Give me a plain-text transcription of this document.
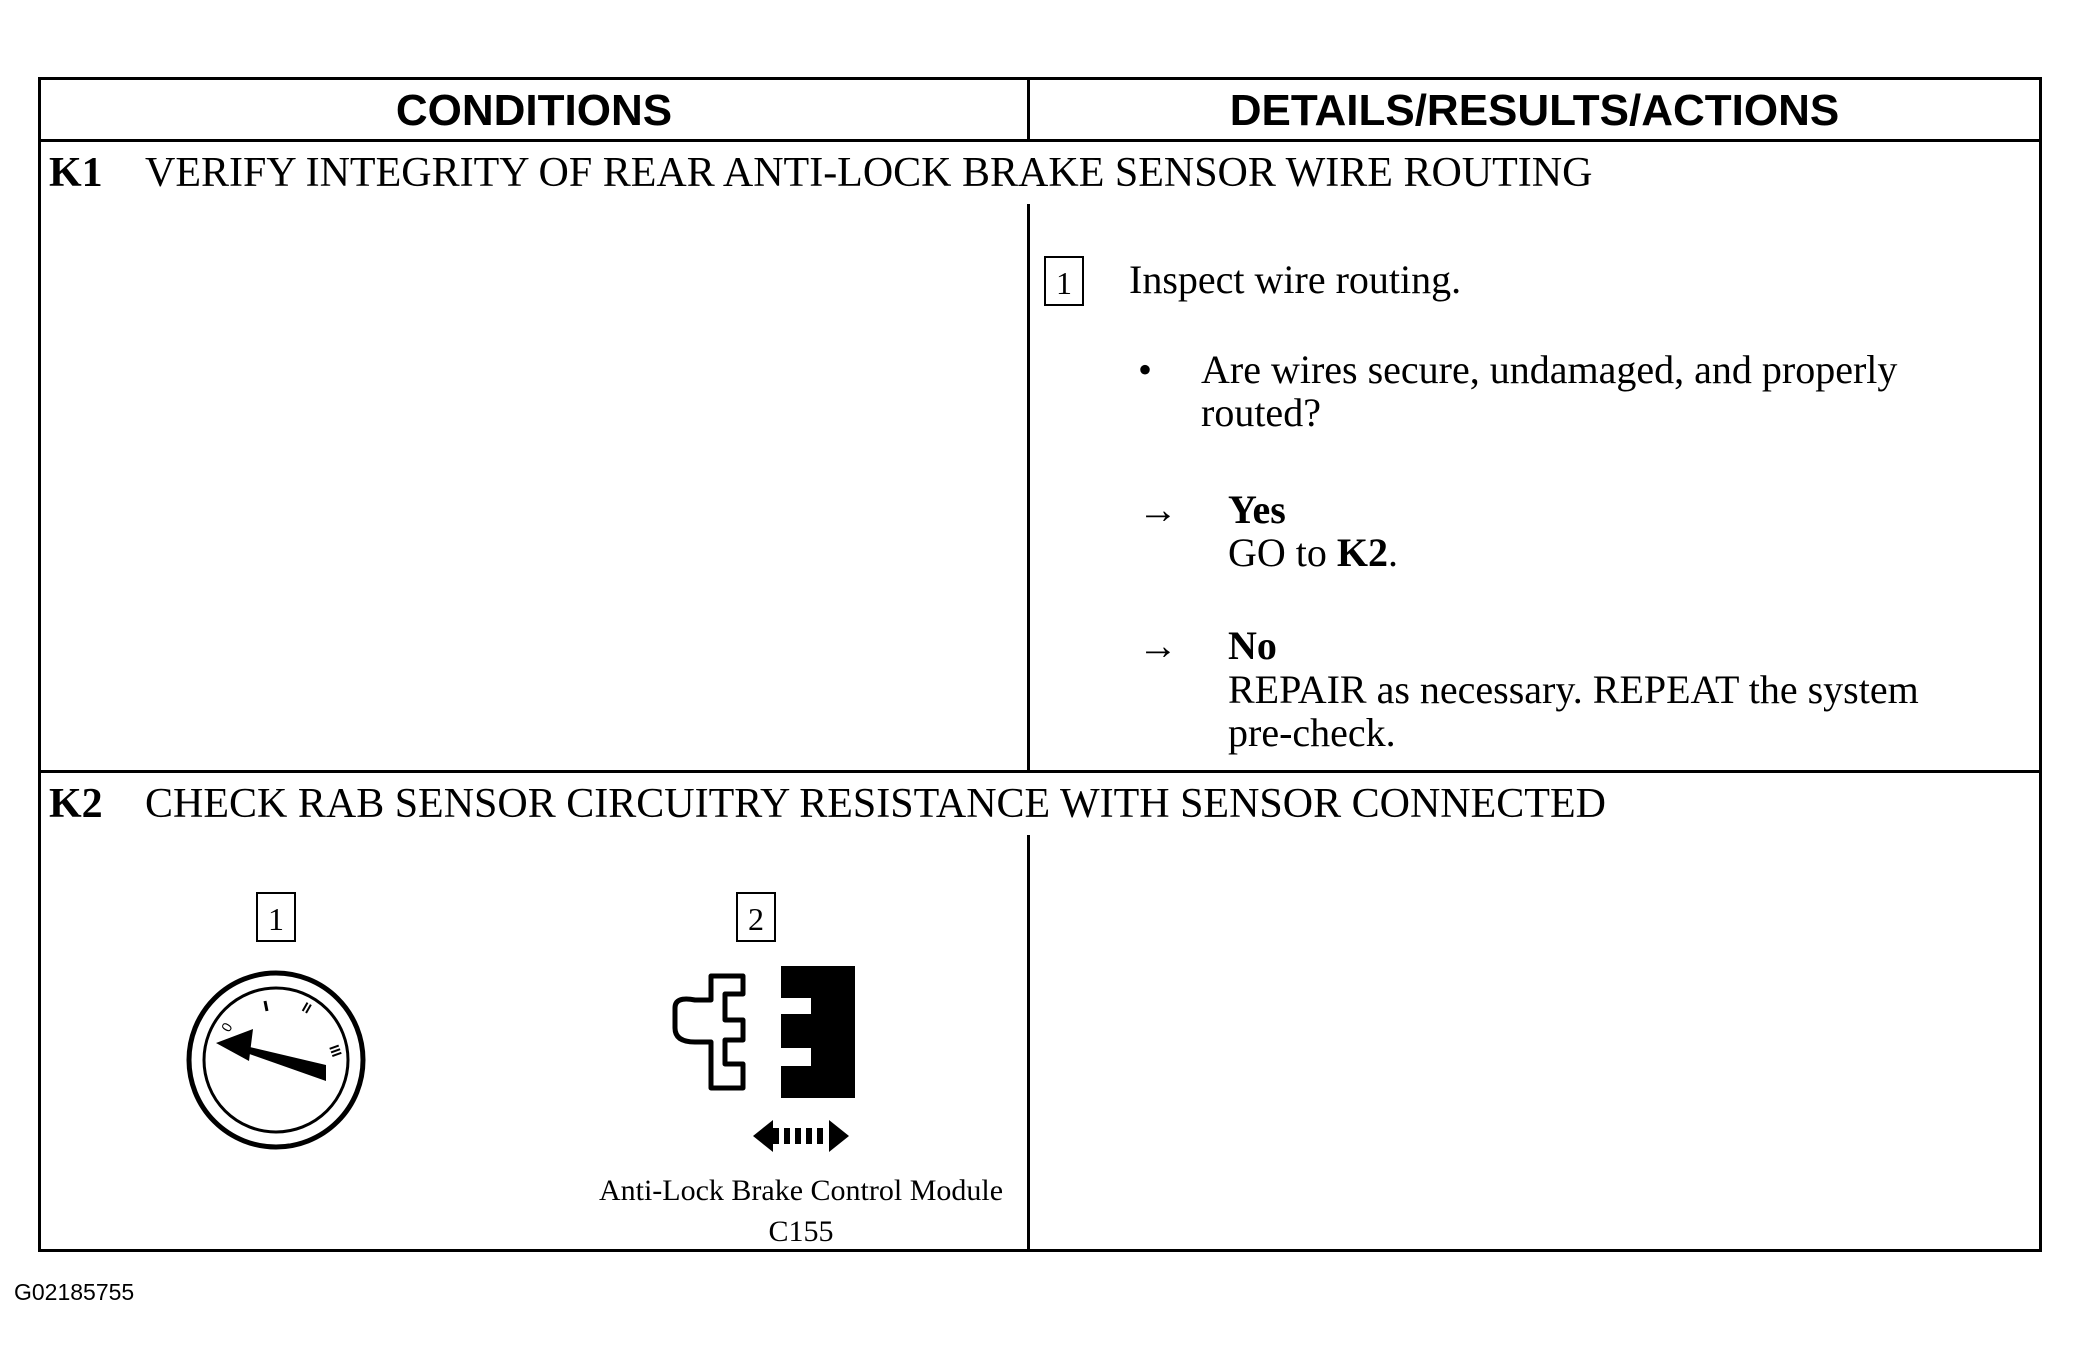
CONDITIONS	DETAILS/RESULTS/ACTIONS
K1 VERIFY INTEGRITY OF REAR ANTI-LOCK BRAKE SENSOR WIRE ROUTING
1	Inspect wire routing.
• Are wires secure, undamaged, and properly
routed?
→ Yes
GO to K2.
→ No
REPAIR as necessary. REPEAT the system
pre-check.
K2 CHECK RAB SENSOR CIRCUITRY RESISTANCE WITH SENSOR CONNECTED
1
0
II
III
2
Anti-Lock Brake Control Module
C155
G02185755
